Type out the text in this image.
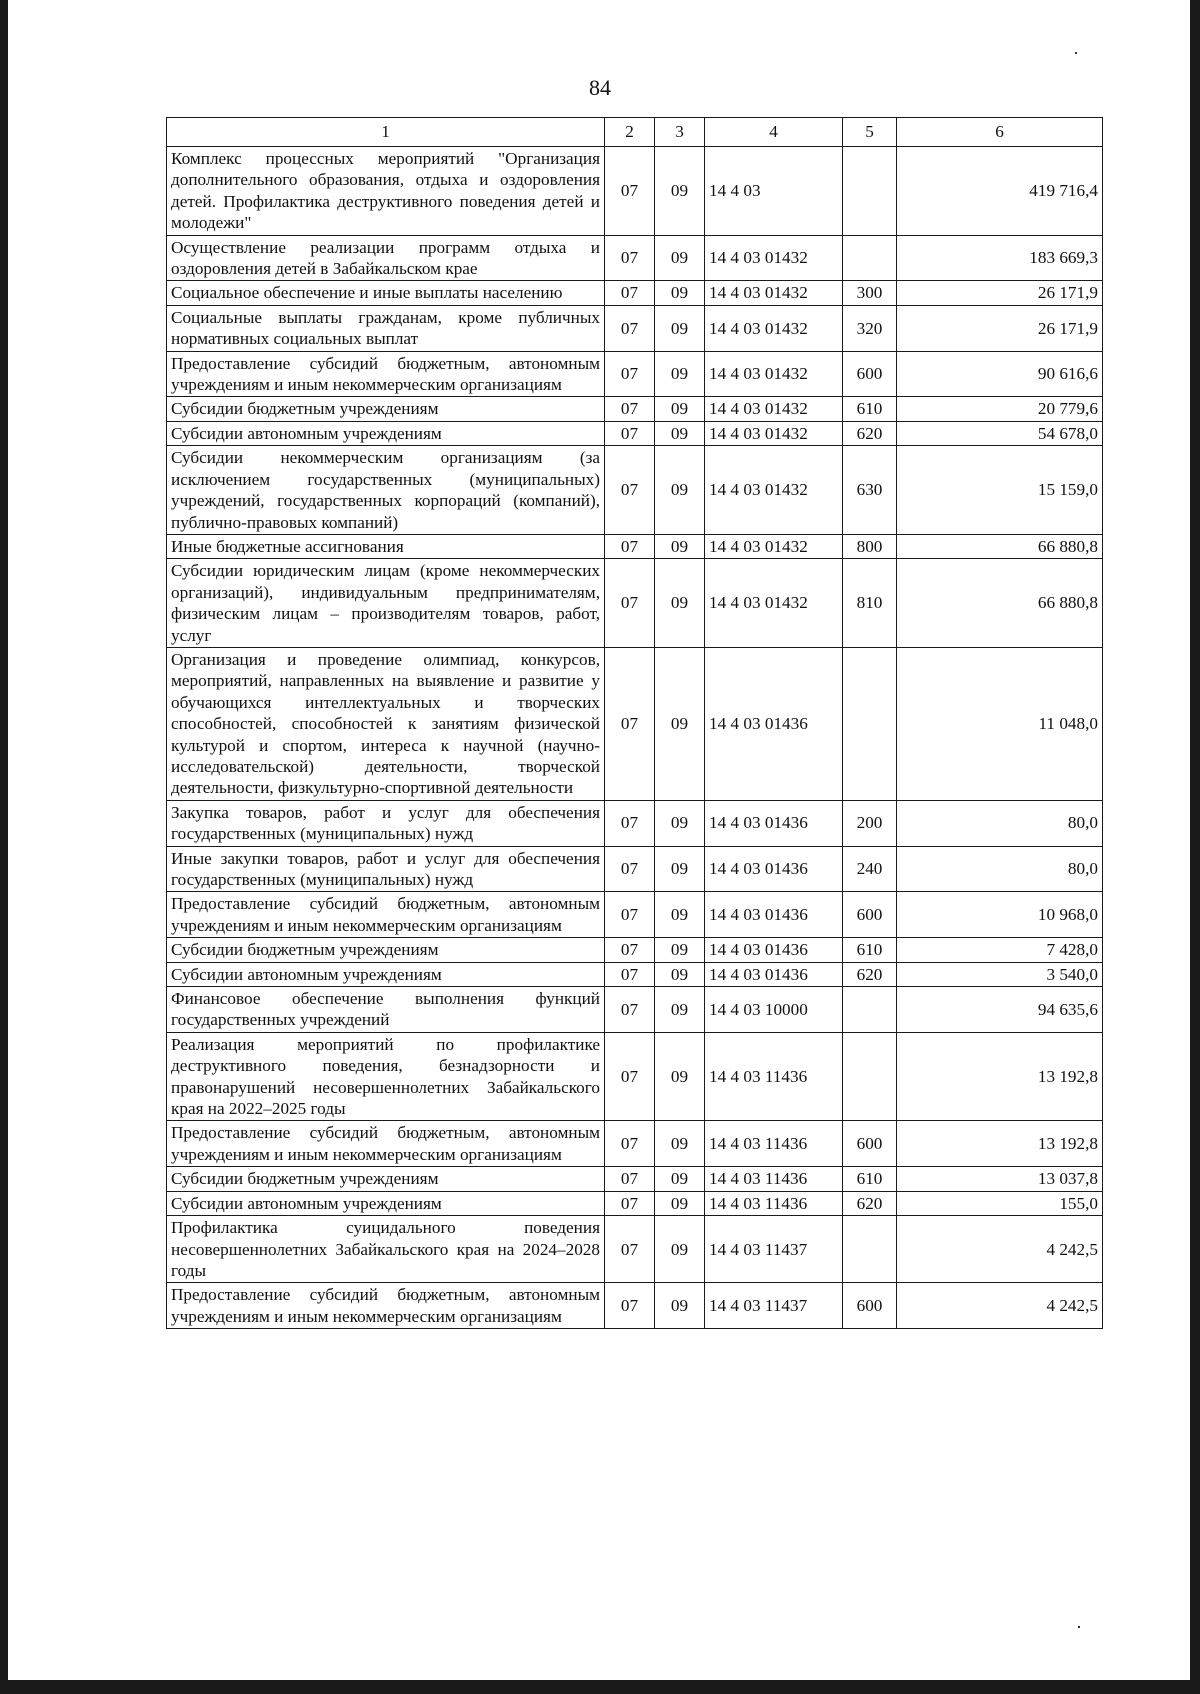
84
1	2	3	4	5	6
Комплекс процессных мероприятий "Организация дополнительного образования, отдыха и оздоровления детей. Профилактика деструктивного поведения детей и молодежи"	07	09	14 4 03		419 716,4
Осуществление реализации программ отдыха и оздоровления детей в Забайкальском крае	07	09	14 4 03 01432		183 669,3
Социальное обеспечение и иные выплаты населению	07	09	14 4 03 01432	300	26 171,9
Социальные выплаты гражданам, кроме публичных нормативных социальных выплат	07	09	14 4 03 01432	320	26 171,9
Предоставление субсидий бюджетным, автономным учреждениям и иным некоммерческим организациям	07	09	14 4 03 01432	600	90 616,6
Субсидии бюджетным учреждениям	07	09	14 4 03 01432	610	20 779,6
Субсидии автономным учреждениям	07	09	14 4 03 01432	620	54 678,0
Субсидии некоммерческим организациям (за исключением государственных (муниципальных) учреждений, государственных корпораций (компаний), публично-правовых компаний)	07	09	14 4 03 01432	630	15 159,0
Иные бюджетные ассигнования	07	09	14 4 03 01432	800	66 880,8
Субсидии юридическим лицам (кроме некоммерческих организаций), индивидуальным предпринимателям, физическим лицам – производителям товаров, работ, услуг	07	09	14 4 03 01432	810	66 880,8
Организация и проведение олимпиад, конкурсов, мероприятий, направленных на выявление и развитие у обучающихся интеллектуальных и творческих способностей, способностей к занятиям физической культурой и спортом, интереса к научной (научно-исследовательской) деятельности, творческой деятельности, физкультурно-спортивной деятельности	07	09	14 4 03 01436		11 048,0
Закупка товаров, работ и услуг для обеспечения государственных (муниципальных) нужд	07	09	14 4 03 01436	200	80,0
Иные закупки товаров, работ и услуг для обеспечения государственных (муниципальных) нужд	07	09	14 4 03 01436	240	80,0
Предоставление субсидий бюджетным, автономным учреждениям и иным некоммерческим организациям	07	09	14 4 03 01436	600	10 968,0
Субсидии бюджетным учреждениям	07	09	14 4 03 01436	610	7 428,0
Субсидии автономным учреждениям	07	09	14 4 03 01436	620	3 540,0
Финансовое обеспечение выполнения функций государственных учреждений	07	09	14 4 03 10000		94 635,6
Реализация мероприятий по профилактике деструктивного поведения, безнадзорности и правонарушений несовершеннолетних Забайкальского края на 2022–2025 годы	07	09	14 4 03 11436		13 192,8
Предоставление субсидий бюджетным, автономным учреждениям и иным некоммерческим организациям	07	09	14 4 03 11436	600	13 192,8
Субсидии бюджетным учреждениям	07	09	14 4 03 11436	610	13 037,8
Субсидии автономным учреждениям	07	09	14 4 03 11436	620	155,0
Профилактика суицидального поведения несовершеннолетних Забайкальского края на 2024–2028 годы	07	09	14 4 03 11437		4 242,5
Предоставление субсидий бюджетным, автономным учреждениям и иным некоммерческим организациям	07	09	14 4 03 11437	600	4 242,5
